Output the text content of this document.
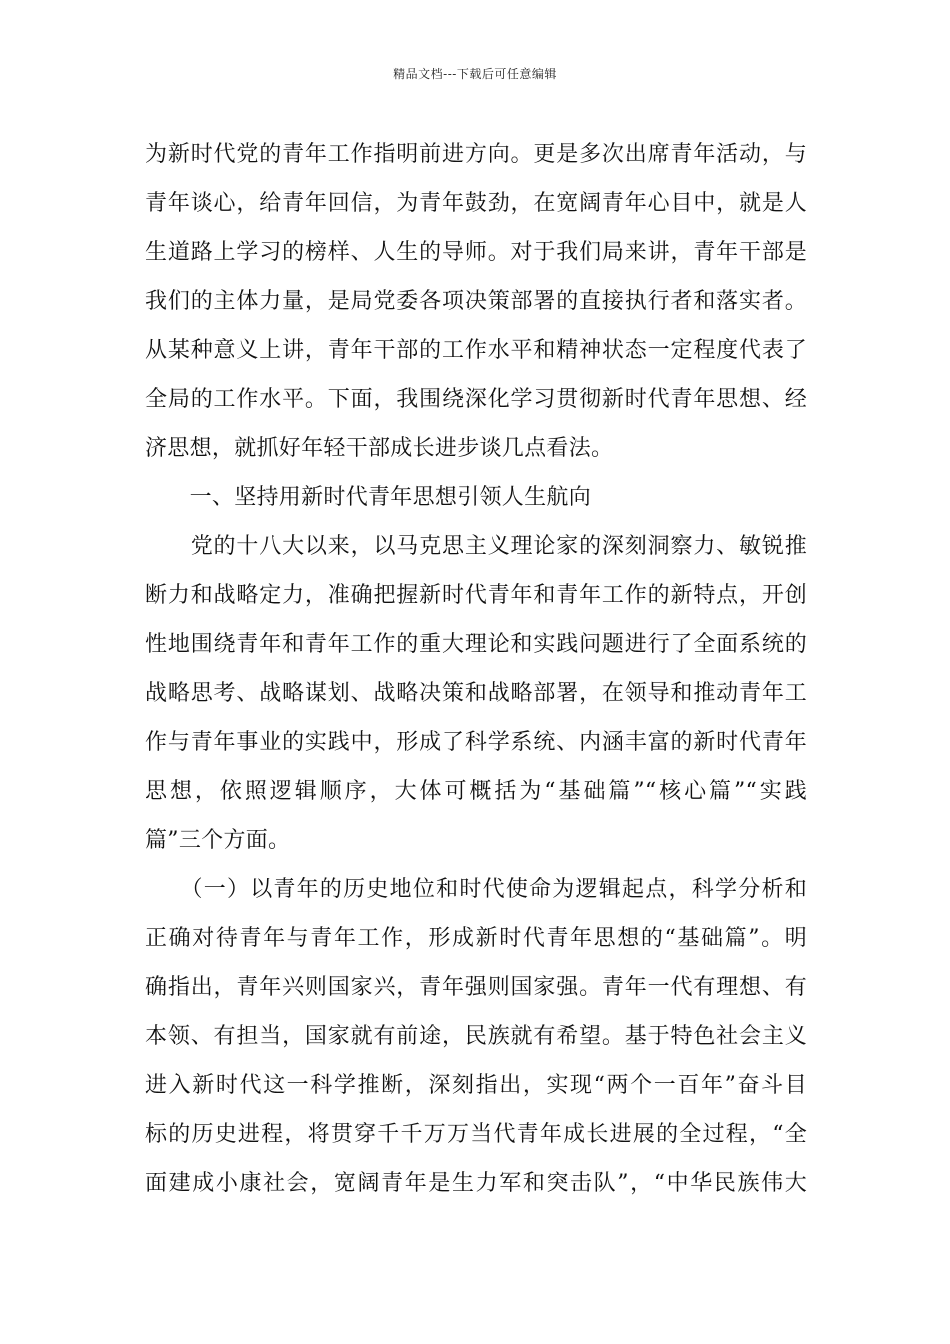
精品文档---下载后可任意编辑
为新时代党的青年工作指明前进方向。更是多次出席青年活动，与
青年谈心，给青年回信，为青年鼓劲，在宽阔青年心目中，就是人
生道路上学习的榜样、人生的导师。对于我们局来讲，青年干部是
我们的主体力量，是局党委各项决策部署的直接执行者和落实者。
从某种意义上讲，青年干部的工作水平和精神状态一定程度代表了
全局的工作水平。下面，我围绕深化学习贯彻新时代青年思想、经
济思想，就抓好年轻干部成长进步谈几点看法。
　　一、坚持用新时代青年思想引领人生航向
　　党的十八大以来，以马克思主义理论家的深刻洞察力、敏锐推
断力和战略定力，准确把握新时代青年和青年工作的新特点，开创
性地围绕青年和青年工作的重大理论和实践问题进行了全面系统的
战略思考、战略谋划、战略决策和战略部署，在领导和推动青年工
作与青年事业的实践中，形成了科学系统、内涵丰富的新时代青年
思想，依照逻辑顺序，大体可概括为“基础篇”“核心篇”“实践
篇”三个方面。
　　（一）以青年的历史地位和时代使命为逻辑起点，科学分析和
正确对待青年与青年工作，形成新时代青年思想的“基础篇”。明
确指出，青年兴则国家兴，青年强则国家强。青年一代有理想、有
本领、有担当，国家就有前途，民族就有希望。基于特色社会主义
进入新时代这一科学推断，深刻指出，实现“两个一百年”奋斗目
标的历史进程，将贯穿千千万万当代青年成长进展的全过程，“全
面建成小康社会，宽阔青年是生力军和突击队”，“中华民族伟大
